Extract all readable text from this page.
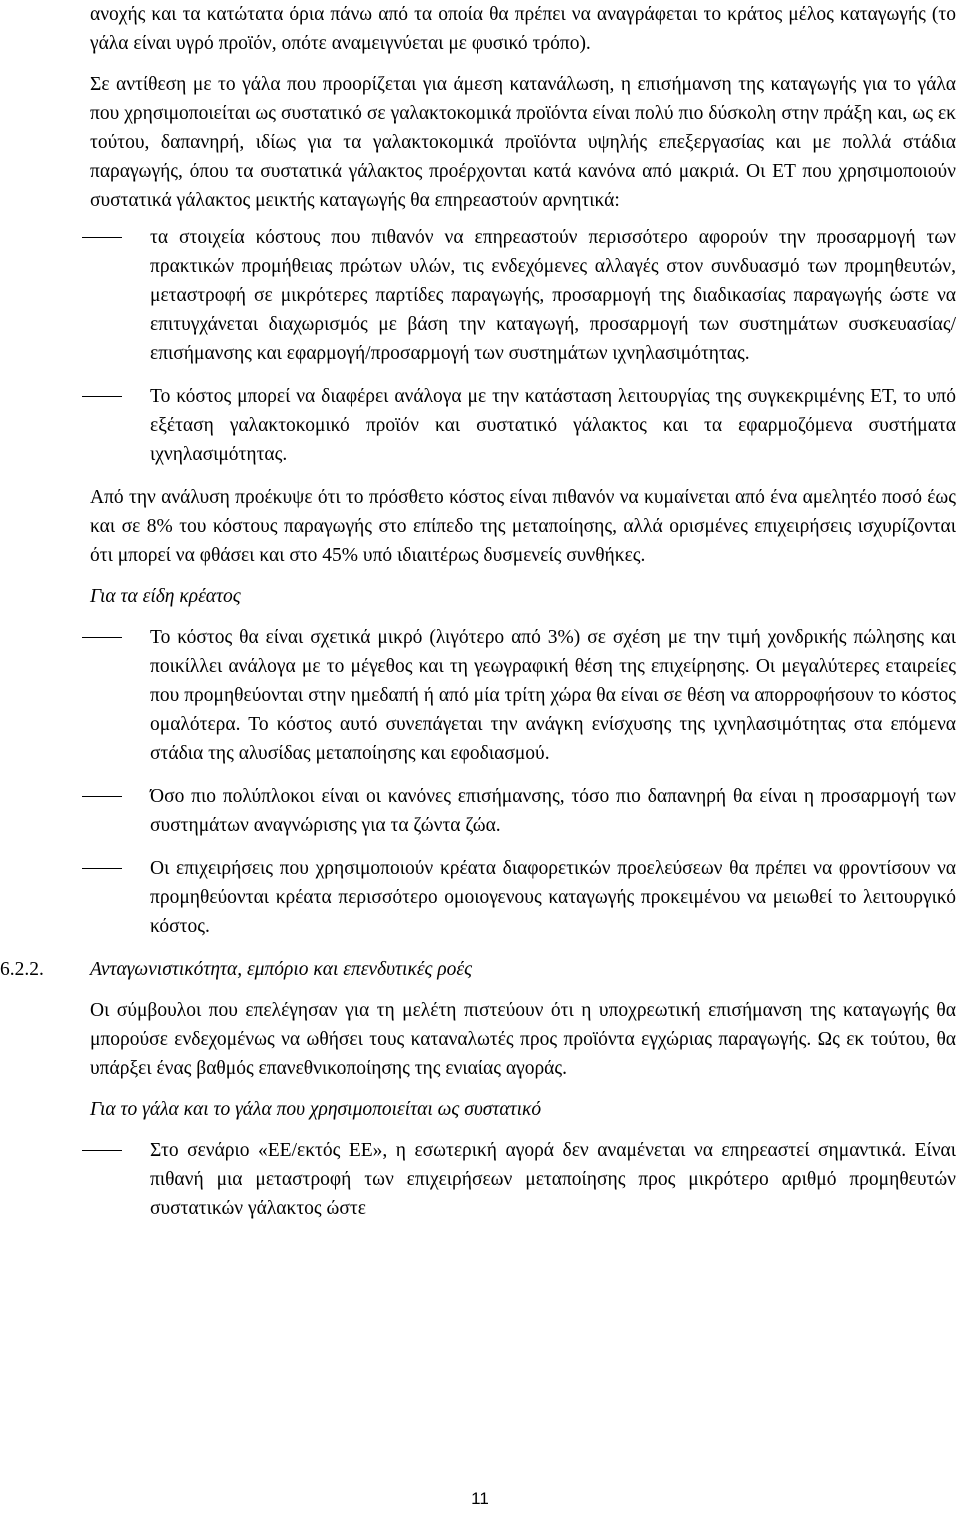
ανοχής και τα κατώτατα όρια πάνω από τα οποία θα πρέπει να αναγράφεται το κράτος μέλος καταγωγής (το γάλα είναι υγρό προϊόν, οπότε αναμειγνύεται με φυσικό τρόπο).

Σε αντίθεση με το γάλα που προορίζεται για άμεση κατανάλωση, η επισήμανση της καταγωγής για το γάλα που χρησιμοποιείται ως συστατικό σε γαλακτοκομικά προϊόντα είναι πολύ πιο δύσκολη στην πράξη και, ως εκ τούτου, δαπανηρή, ιδίως για τα γαλακτοκομικά προϊόντα υψηλής επεξεργασίας και με πολλά στάδια παραγωγής, όπου τα συστατικά γάλακτος προέρχονται κατά κανόνα από μακριά. Οι ΕΤ που χρησιμοποιούν συστατικά γάλακτος μεικτής καταγωγής θα επηρεαστούν αρνητικά:

τα στοιχεία κόστους που πιθανόν να επηρεαστούν περισσότερο αφορούν την προσαρμογή των πρακτικών προμήθειας πρώτων υλών, τις ενδεχόμενες αλλαγές στον συνδυασμό των προμηθευτών, μεταστροφή σε μικρότερες παρτίδες παραγωγής, προσαρμογή της διαδικασίας παραγωγής ώστε να επιτυγχάνεται διαχωρισμός με βάση την καταγωγή, προσαρμογή των συστημάτων συσκευασίας/επισήμανσης και εφαρμογή/προσαρμογή των συστημάτων ιχνηλασιμότητας.
Το κόστος μπορεί να διαφέρει ανάλογα με την κατάσταση λειτουργίας της συγκεκριμένης ΕΤ, το υπό εξέταση γαλακτοκομικό προϊόν και συστατικό γάλακτος και τα εφαρμοζόμενα συστήματα ιχνηλασιμότητας.

Από την ανάλυση προέκυψε ότι το πρόσθετο κόστος είναι πιθανόν να κυμαίνεται από ένα αμελητέο ποσό έως και σε 8% του κόστους παραγωγής στο επίπεδο της μεταποίησης, αλλά ορισμένες επιχειρήσεις ισχυρίζονται ότι μπορεί να φθάσει και στο 45% υπό ιδιαιτέρως δυσμενείς συνθήκες.

Για τα είδη κρέατος

Το κόστος θα είναι σχετικά μικρό (λιγότερο από 3%) σε σχέση με την τιμή χονδρικής πώλησης και ποικίλλει ανάλογα με το μέγεθος και τη γεωγραφική θέση της επιχείρησης. Οι μεγαλύτερες εταιρείες που προμηθεύονται στην ημεδαπή ή από μία τρίτη χώρα θα είναι σε θέση να απορροφήσουν το κόστος ομαλότερα. Το κόστος αυτό συνεπάγεται την ανάγκη ενίσχυσης της ιχνηλασιμότητας στα επόμενα στάδια της αλυσίδας μεταποίησης και εφοδιασμού.
Όσο πιο πολύπλοκοι είναι οι κανόνες επισήμανσης, τόσο πιο δαπανηρή θα είναι η προσαρμογή των συστημάτων αναγνώρισης για τα ζώντα ζώα.
Οι επιχειρήσεις που χρησιμοποιούν κρέατα διαφορετικών προελεύσεων θα πρέπει να φροντίσουν να προμηθεύονται κρέατα περισσότερο ομοιογενους καταγωγής προκειμένου να μειωθεί το λειτουργικό κόστος.
6.2.2. Ανταγωνιστικότητα, εμπόριο και επενδυτικές ροές

Οι σύμβουλοι που επελέγησαν για τη μελέτη πιστεύουν ότι η υποχρεωτική επισήμανση της καταγωγής θα μπορούσε ενδεχομένως να ωθήσει τους καταναλωτές προς προϊόντα εγχώριας παραγωγής. Ως εκ τούτου, θα υπάρξει ένας βαθμός επανεθνικοποίησης της ενιαίας αγοράς.

Για το γάλα και το γάλα που χρησιμοποιείται ως συστατικό

Στο σενάριο «ΕΕ/εκτός ΕΕ», η εσωτερική αγορά δεν αναμένεται να επηρεαστεί σημαντικά. Είναι πιθανή μια μεταστροφή των επιχειρήσεων μεταποίησης προς μικρότερο αριθμό προμηθευτών συστατικών γάλακτος ώστε
11
